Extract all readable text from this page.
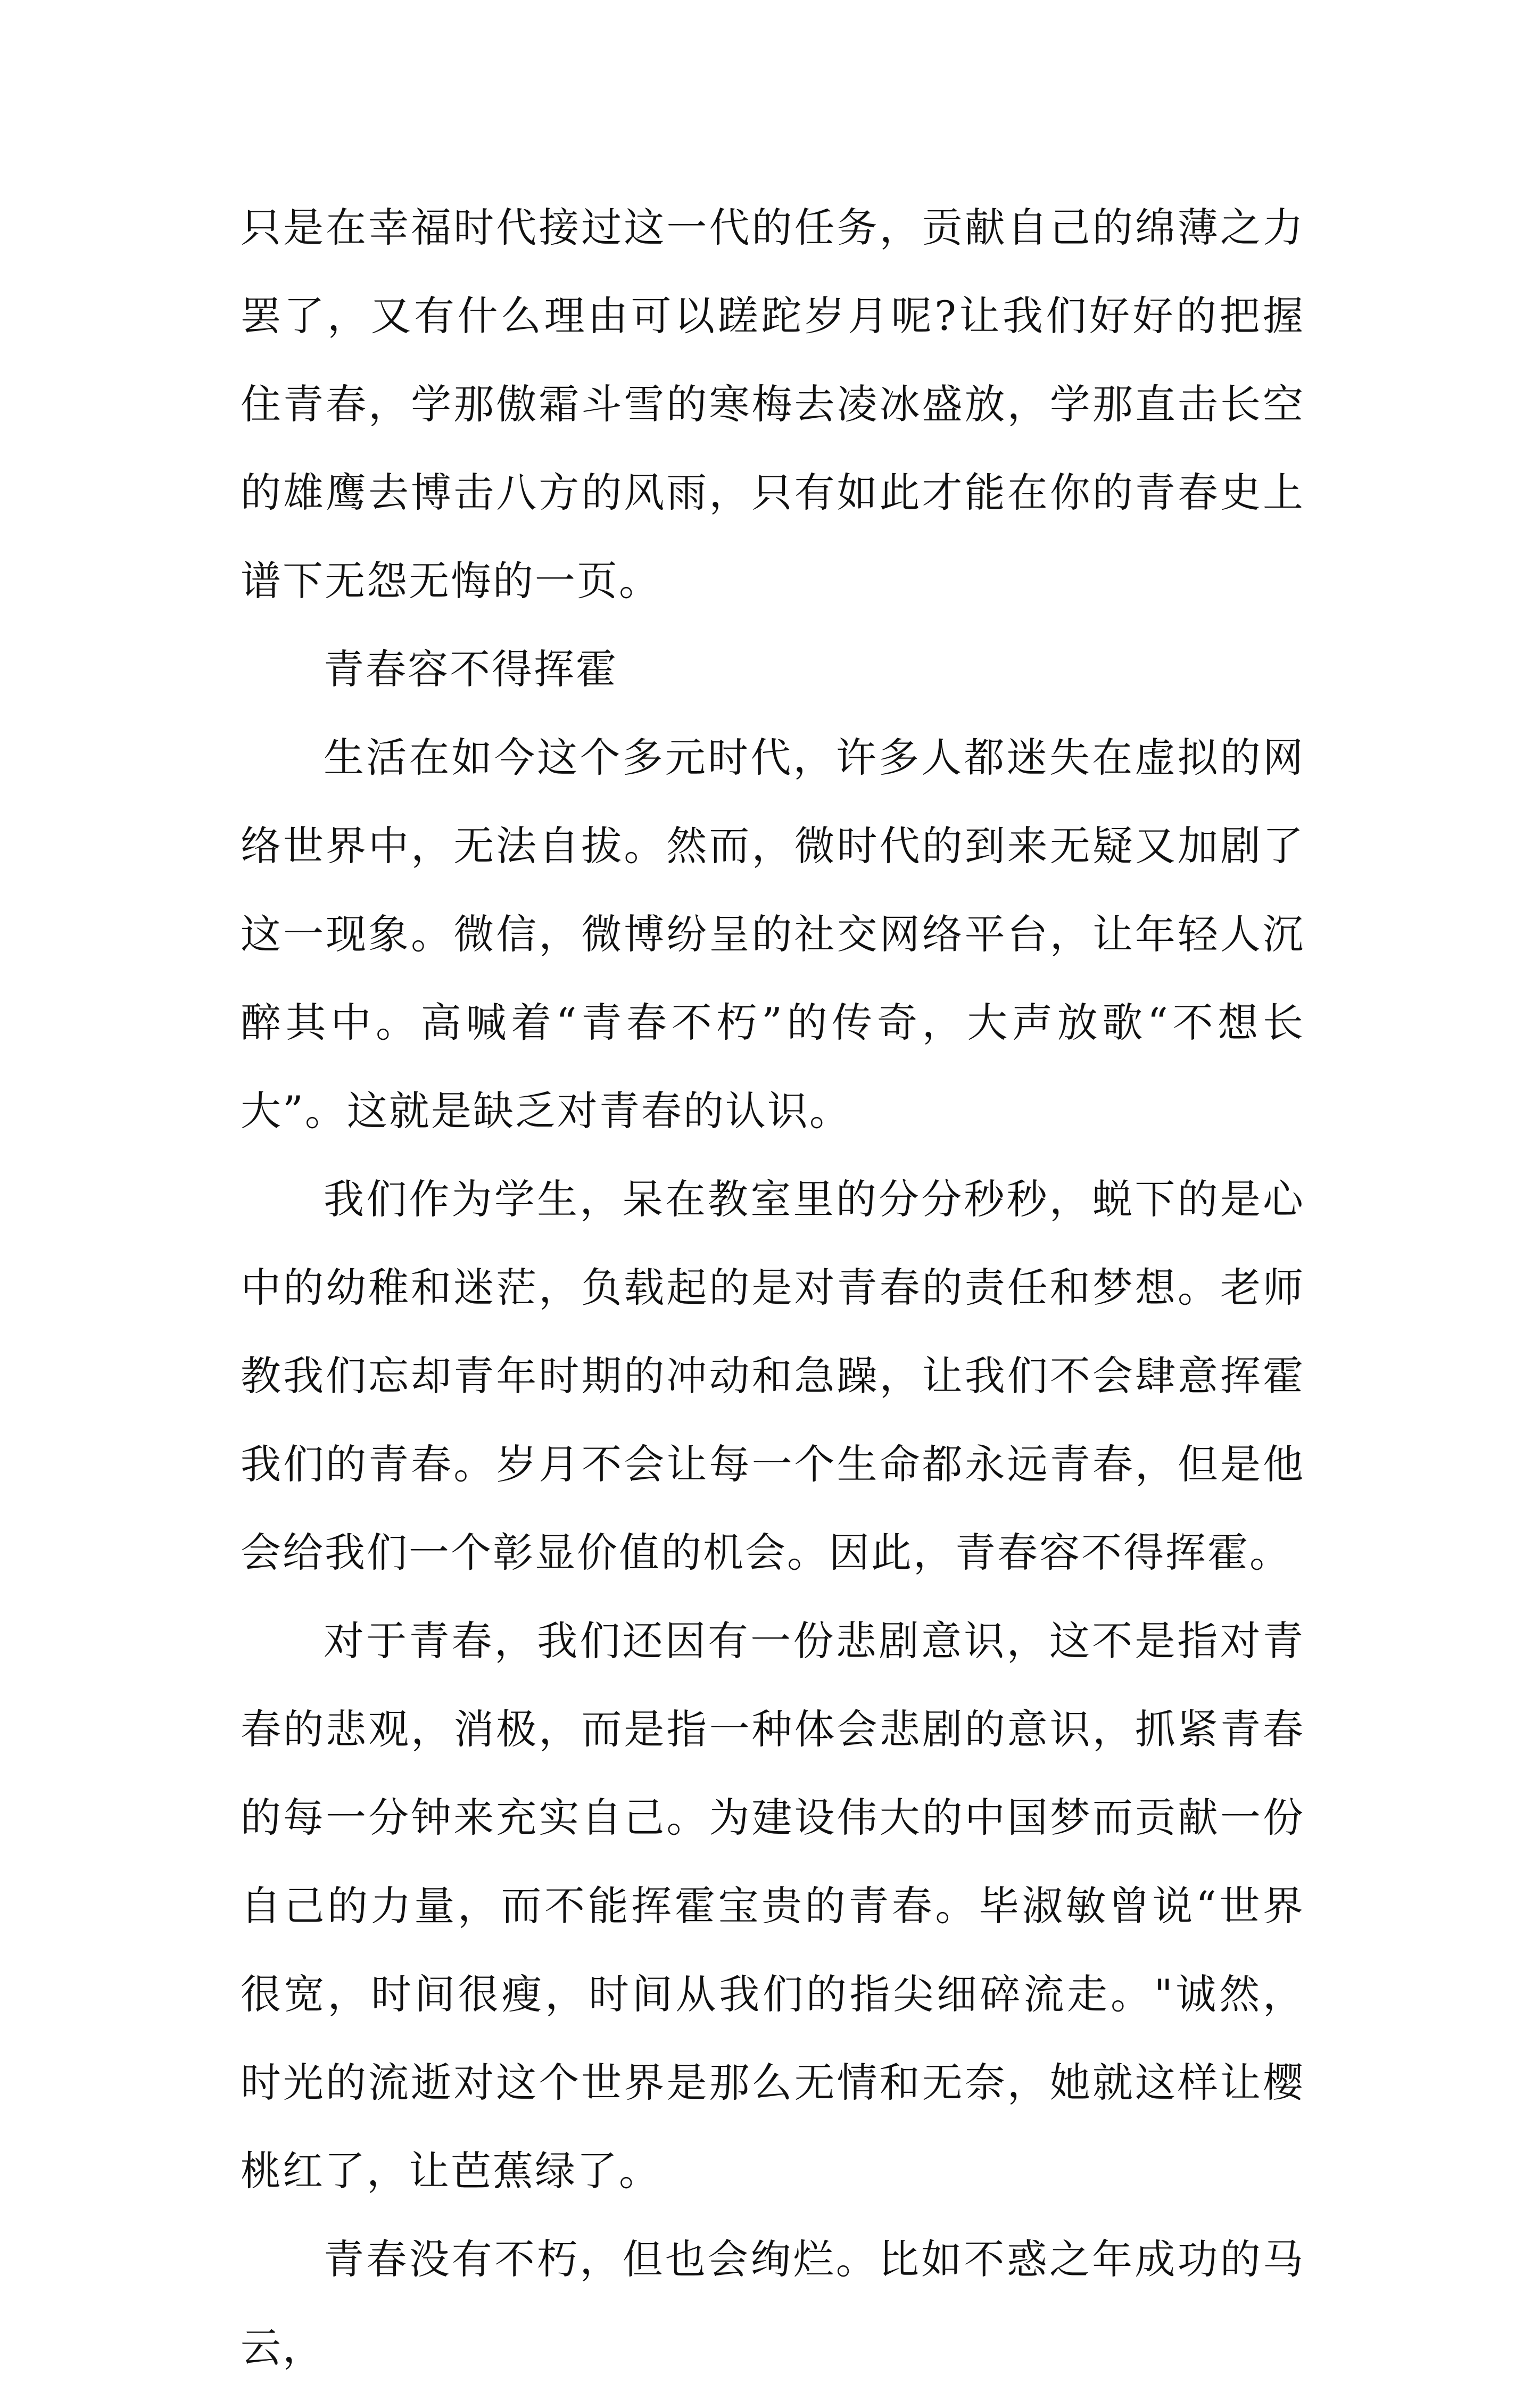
只是在幸福时代接过这一代的任务，贡献自己的绵薄之力罢了，又有什么理由可以蹉跎岁月呢?让我们好好的把握住青春，学那傲霜斗雪的寒梅去凌冰盛放，学那直击长空的雄鹰去博击八方的风雨，只有如此才能在你的青春史上谱下无怨无悔的一页。

青春容不得挥霍

生活在如今这个多元时代，许多人都迷失在虚拟的网络世界中，无法自拔。然而，微时代的到来无疑又加剧了这一现象。微信，微博纷呈的社交网络平台，让年轻人沉醉其中。高喊着“青春不朽”的传奇，大声放歌“不想长大”。这就是缺乏对青春的认识。

我们作为学生，呆在教室里的分分秒秒，蜕下的是心中的幼稚和迷茫，负载起的是对青春的责任和梦想。老师教我们忘却青年时期的冲动和急躁，让我们不会肆意挥霍我们的青春。岁月不会让每一个生命都永远青春，但是他会给我们一个彰显价值的机会。因此，青春容不得挥霍。

对于青春，我们还因有一份悲剧意识，这不是指对青春的悲观，消极，而是指一种体会悲剧的意识，抓紧青春的每一分钟来充实自己。为建设伟大的中国梦而贡献一份自己的力量，而不能挥霍宝贵的青春。毕淑敏曾说“世界很宽，时间很瘦，时间从我们的指尖细碎流走。"诚然，时光的流逝对这个世界是那么无情和无奈，她就这样让樱桃红了，让芭蕉绿了。

青春没有不朽，但也会绚烂。比如不惑之年成功的马云，
